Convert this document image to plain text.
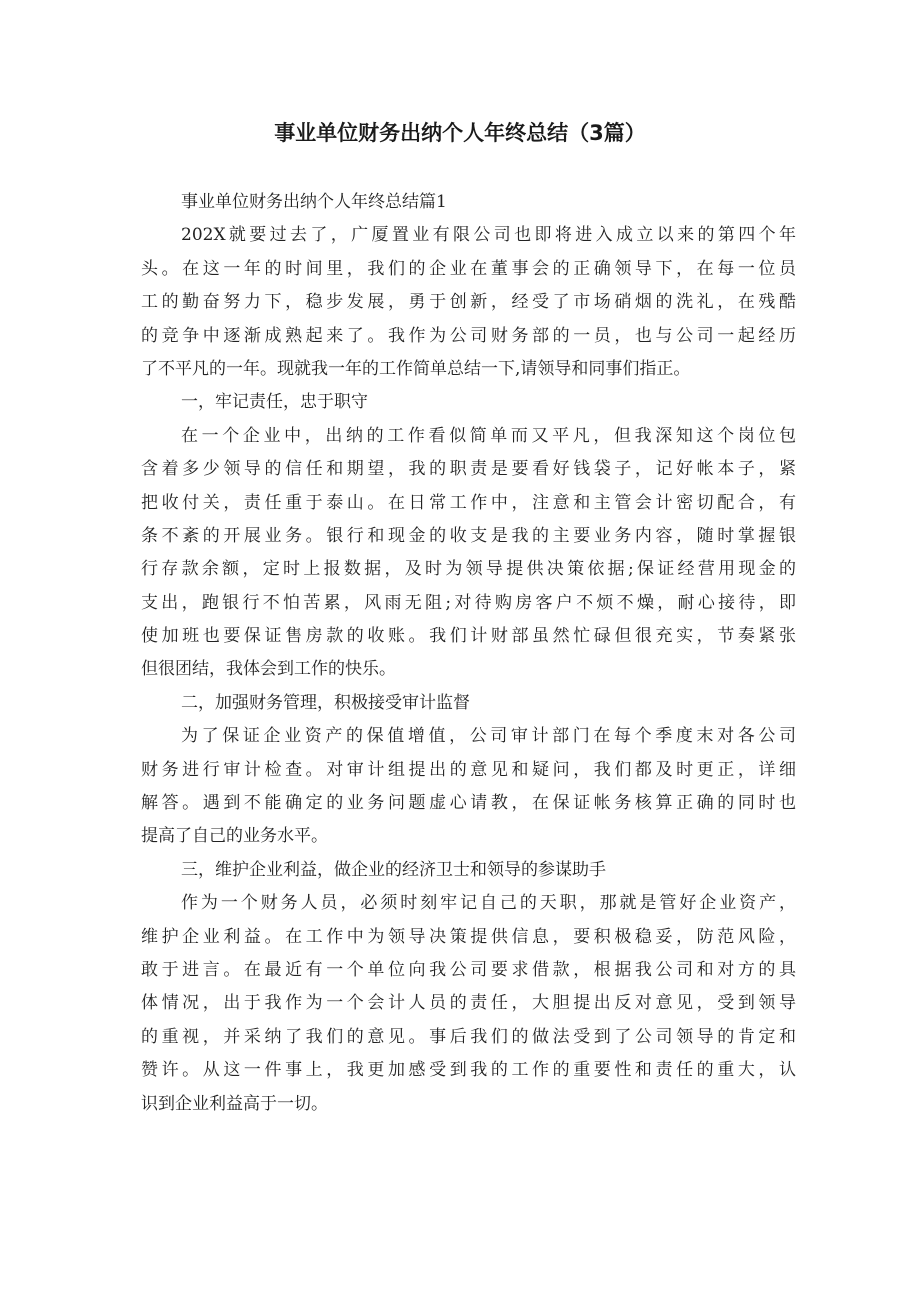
事业单位财务出纳个人年终总结（3篇）
事业单位财务出纳个人年终总结篇1
202X就要过去了，广厦置业有限公司也即将进入成立以来的第四个年
头。在这一年的时间里，我们的企业在董事会的正确领导下，在每一位员
工的勤奋努力下，稳步发展，勇于创新，经受了市场硝烟的洗礼，在残酷
的竞争中逐渐成熟起来了。我作为公司财务部的一员，也与公司一起经历
了不平凡的一年。现就我一年的工作简单总结一下,请领导和同事们指正。
一，牢记责任，忠于职守
在一个企业中，出纳的工作看似简单而又平凡，但我深知这个岗位包
含着多少领导的信任和期望，我的职责是要看好钱袋子，记好帐本子，紧
把收付关，责任重于泰山。在日常工作中，注意和主管会计密切配合，有
条不紊的开展业务。银行和现金的收支是我的主要业务内容，随时掌握银
行存款余额，定时上报数据，及时为领导提供决策依据;保证经营用现金的
支出，跑银行不怕苦累，风雨无阻;对待购房客户不烦不燥，耐心接待，即
使加班也要保证售房款的收账。我们计财部虽然忙碌但很充实，节奏紧张
但很团结，我体会到工作的快乐。
二，加强财务管理，积极接受审计监督
为了保证企业资产的保值增值，公司审计部门在每个季度末对各公司
财务进行审计检查。对审计组提出的意见和疑问，我们都及时更正，详细
解答。遇到不能确定的业务问题虚心请教，在保证帐务核算正确的同时也
提高了自己的业务水平。
三，维护企业利益，做企业的经济卫士和领导的参谋助手
作为一个财务人员，必须时刻牢记自己的天职，那就是管好企业资产，
维护企业利益。在工作中为领导决策提供信息，要积极稳妥，防范风险，
敢于进言。在最近有一个单位向我公司要求借款，根据我公司和对方的具
体情况，出于我作为一个会计人员的责任，大胆提出反对意见，受到领导
的重视，并采纳了我们的意见。事后我们的做法受到了公司领导的肯定和
赞许。从这一件事上，我更加感受到我的工作的重要性和责任的重大，认
识到企业利益高于一切。
